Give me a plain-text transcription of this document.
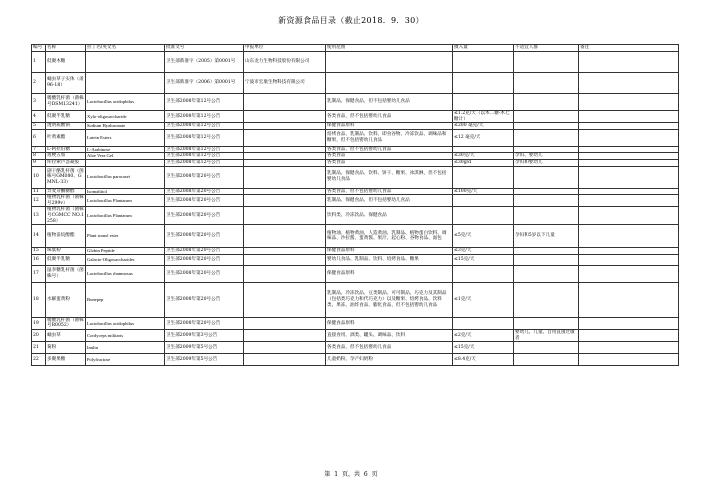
新资源食品目录（截止2018．9．30）
编号	名称	拉丁名/英文名	批准文号	申报单位	使用范围	摄入量	不适宜人群	备注
1	低聚木糖		卫生部新准字（2005）第0001号	山东龙力生物科技股份有限公司				
2	蛹虫草子实体（甬96-18）		卫生部新准字（2006）第0001号	宁波市宏康生物科技有限公司				
3	嗜酸乳杆菌（菌株号DSM13241）	Lactobacillus acidophilus	卫生部2008年第12号公告		乳制品、保健食品，但不包括婴幼儿食品			
4	低聚半乳糖	Xylo-oligosaccharide	卫生部2008年第12号公告		各类食品，但不包括婴幼儿食品	≤1.2克/天（以木二糖-木七糖计）		
5	透明质酸钠	Sodium Hyaluronate	卫生部2008年第12号公告		保健食品原料	≤200 毫克/天		
6	叶黄素酯	Lutein Esters	卫生部2008年第12号公告		焙烤食品、乳制品、饮料、即食谷物、冷冻饮品、调味品和糖果，但不包括婴幼儿食品	≤12 毫克/天		
7	L-阿拉伯糖	L-Arabinose	卫生部2008年第12号公告		各类食品，但不包括婴幼儿食品			
8	短梗五加	Aloe Vera Gel	卫生部2008年第12号公告		各类食品	≤30克/天	孕妇、婴幼儿	
9	库拉索芦荟凝胶		卫生部2008年第12号公告		各类食品	≤30g/d	孕妇和婴幼儿	
10	副干酪乳杆菌（菌株号GM080、GMNL-33）	Lactobacillus paracasei	卫生部2008年第20号公告		乳制品、保健食品、饮料、饼干、糖果、冰淇淋，但不包括婴幼儿食品			
11	异麦芽酮糖醇	Isomaltitol	卫生部2008年第20号公告		各类食品，但不包括婴幼儿食品	≤100克/天		
12	植物乳杆菌（菌株号299v）	Lactobacillus Plantarum	卫生部2008年第20号公告		乳制品、保健食品，但不包括婴幼儿食品			
13	植物乳杆菌（菌株号CGMCC NO.1258）	Lactobacillus Plantarum	卫生部2008年第20号公告		饮料类、冷冻饮品、保健食品			
14	植物甾烷醇酯	Plant stanol ester	卫生部2008年第20号公告		植物油、植物黄油、人造黄油、乳制品、植物蛋白饮料、调味品、沙拉酱、蛋黄酱、果汁、起心粉、谷物食品、面包	≤5克/天	孕妇和5岁以下儿童	
15	珠肽粉	Globin Peptide	卫生部2008年第20号公告		保健食品原料	≤3克/天		
16	低聚半乳糖	Galacto-Oligosaccharides	卫生部2008年第20号公告		婴幼儿食品、乳制品、饮料、焙烤食品、糖果	≤15克/天		
17	鼠李糖乳杆菌（菌株号）	Lactobacillus rhamnosus	卫生部2008年第20号公告		保健食品原料			
18	水解蛋黄粉	Bonepep	卫生部2008年第20号公告		乳制品、冷冻饮品、豆类制品、可可制品、巧克力及其制品（包括类巧克力和代巧克力）以及糖果、焙烤食品、饮料类、果冻、油炸食品、膨化食品，但不包括婴幼儿食品	≤1克/天		
19	嗜酸乳杆菌（菌株号R0052）	Lactobacillus acidophilus	卫生部2008年第20号公告		保健食品原料			
20	蛹虫草	Cordyceps militaris	卫生部2009年第3号公告		直接食用、酒类、罐头、调味品、饮料	≤2克/天	婴幼儿、儿童、自用直菌过敏者	
21	菊粉	Inulin	卫生部2009年第5号公告		各类食品，但不包括婴幼儿食品	≤15克/天		
22	多聚果糖	Polyfructose	卫生部2009年第5号公告		儿童奶粉、孕产妇奶粉	≤8.4克/天		
第 1 页，共 6 页
